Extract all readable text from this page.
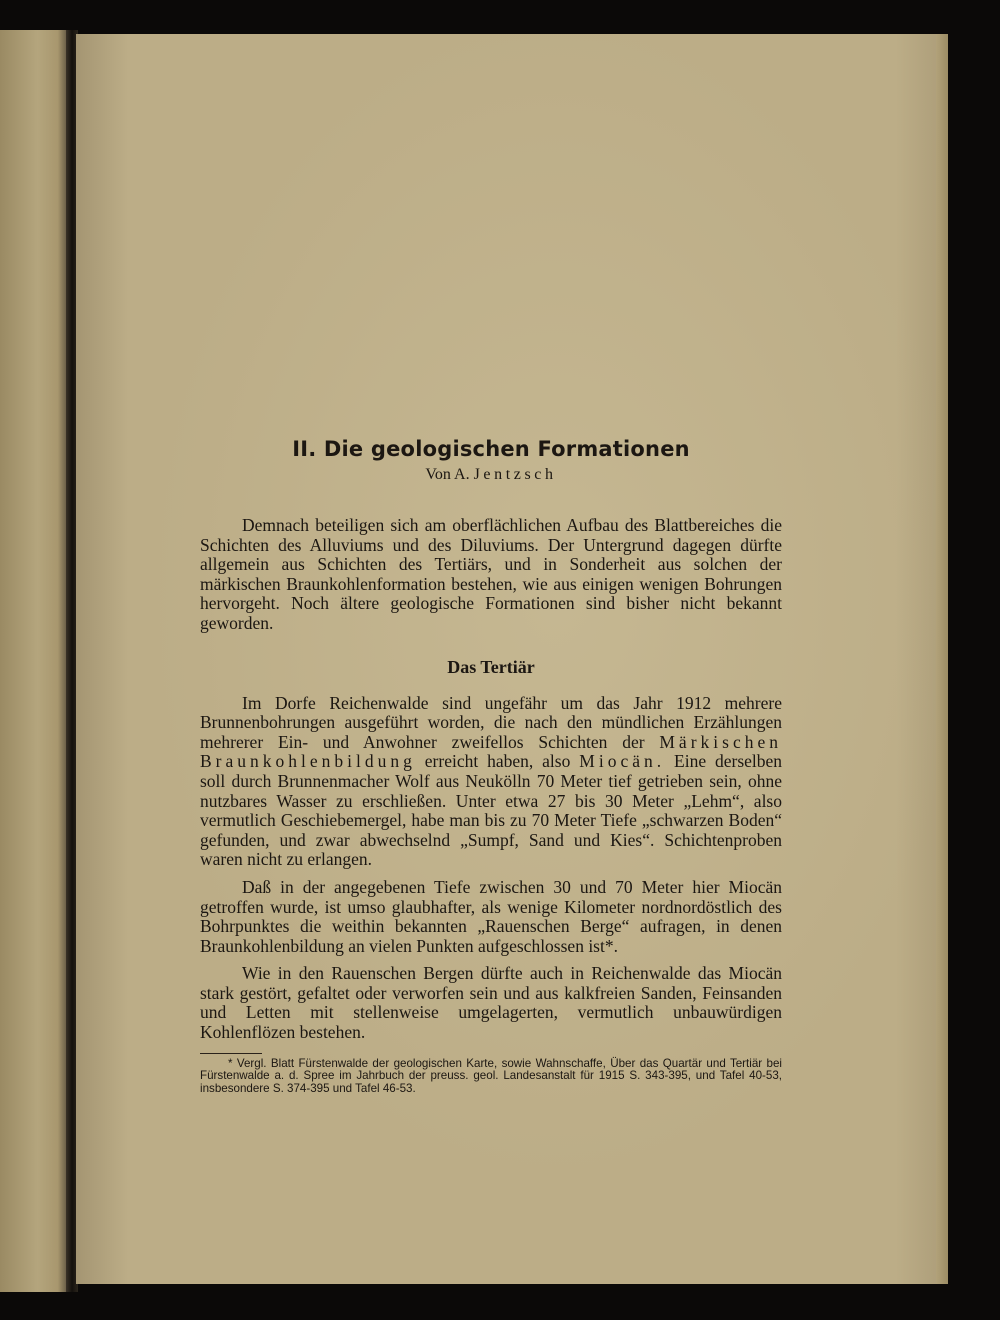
II. Die geologischen Formationen
Von A. Jentzsch

Demnach beteiligen sich am oberflächlichen Aufbau des Blattbereiches die Schichten des Alluviums und des Diluviums. Der Untergrund dagegen dürfte allgemein aus Schichten des Tertiärs, und in Sonderheit aus solchen der märkischen Braunkohlenformation bestehen, wie aus einigen wenigen Bohrungen hervorgeht. Noch ältere geologische Formationen sind bisher nicht bekannt geworden.

Das Tertiär

Im Dorfe Reichenwalde sind ungefähr um das Jahr 1912 mehrere Brunnenbohrungen ausgeführt worden, die nach den mündlichen Erzählungen mehrerer Ein- und Anwohner zweifellos Schichten der Märkischen Braunkohlenbildung erreicht haben, also Miocän. Eine derselben soll durch Brunnenmacher Wolf aus Neukölln 70 Meter tief getrieben sein, ohne nutzbares Wasser zu erschließen. Unter etwa 27 bis 30 Meter „Lehm“, also vermutlich Geschiebemergel, habe man bis zu 70 Meter Tiefe „schwarzen Boden“ gefunden, und zwar abwechselnd „Sumpf, Sand und Kies“. Schichtenproben waren nicht zu erlangen.

Daß in der angegebenen Tiefe zwischen 30 und 70 Meter hier Miocän getroffen wurde, ist umso glaubhafter, als wenige Kilometer nordnordöstlich des Bohrpunktes die weithin bekannten „Rauenschen Berge“ aufragen, in denen Braunkohlenbildung an vielen Punkten aufgeschlossen ist*.

Wie in den Rauenschen Bergen dürfte auch in Reichenwalde das Miocän stark gestört, gefaltet oder verworfen sein und aus kalkfreien Sanden, Feinsanden und Letten mit stellenweise umgelagerten, vermutlich unbauwürdigen Kohlenflözen bestehen.

* Vergl. Blatt Fürstenwalde der geologischen Karte, sowie Wahnschaffe, Über das Quartär und Tertiär bei Fürstenwalde a. d. Spree im Jahrbuch der preuss. geol. Landesanstalt für 1915 S. 343-395, und Tafel 40-53, insbesondere S. 374-395 und Tafel 46-53.
